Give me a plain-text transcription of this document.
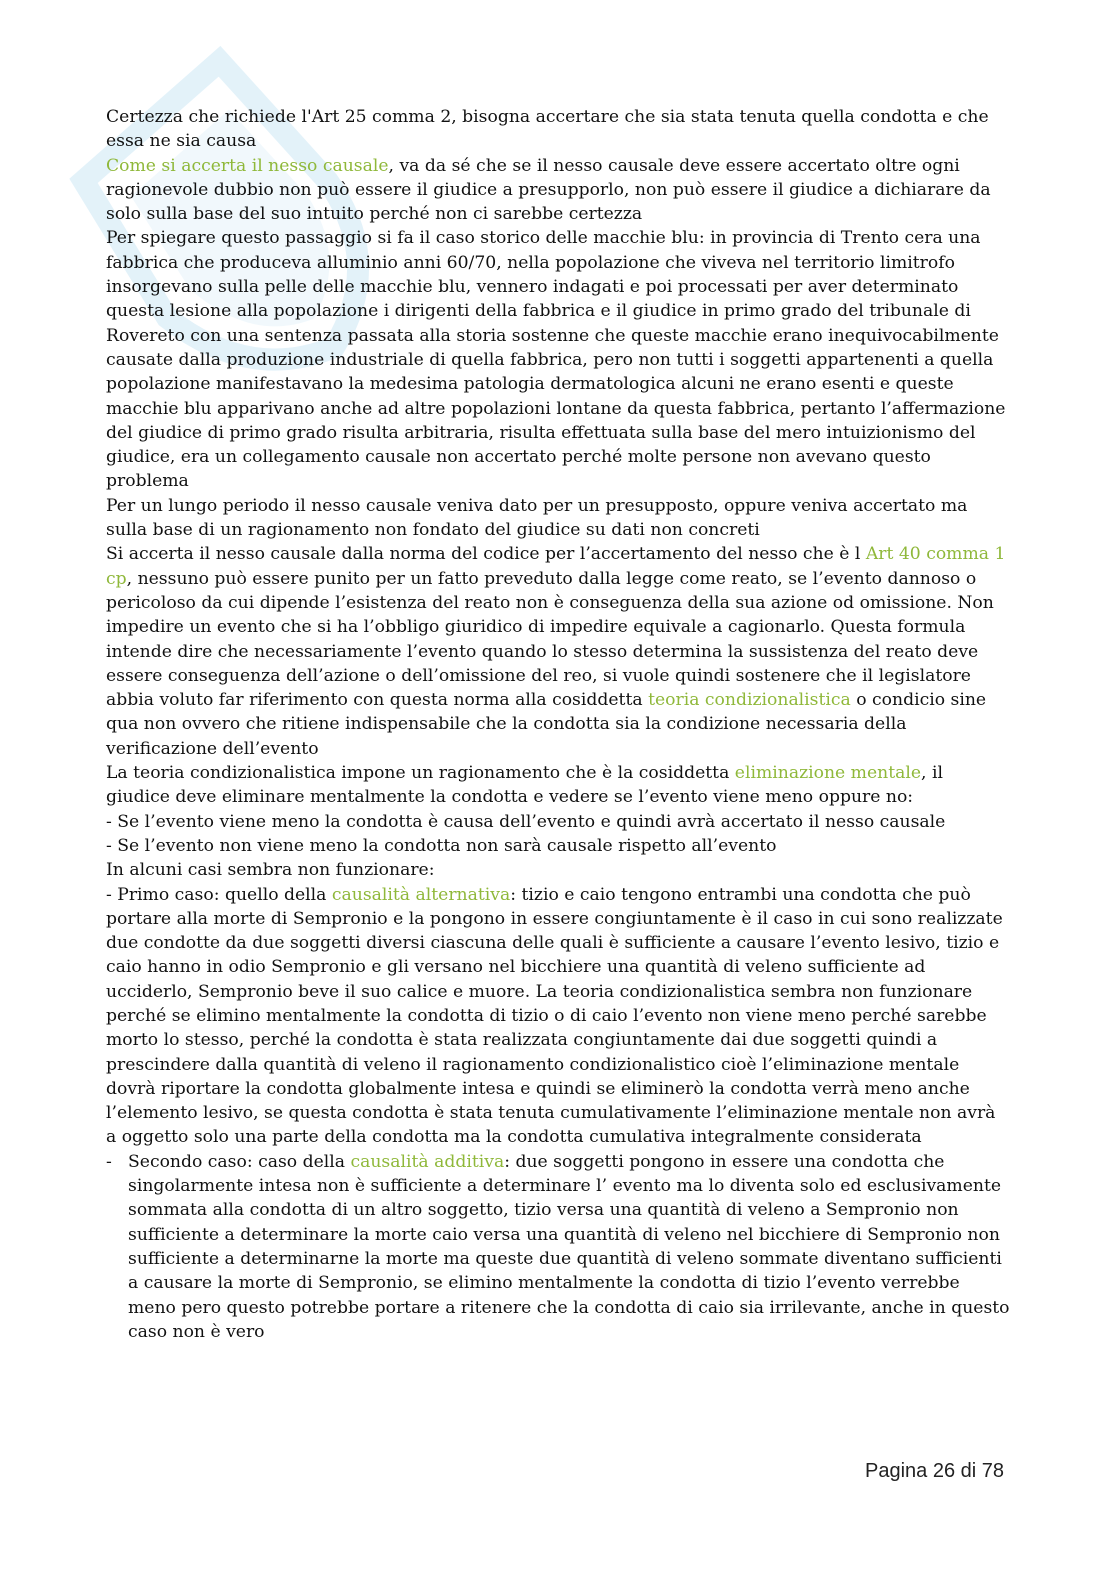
Certezza che richiede l'Art 25 comma 2, bisogna accertare che sia stata tenuta quella condotta e che essa ne sia causa

Come si accerta il nesso causale, va da sé che se il nesso causale deve essere accertato oltre ogni ragionevole dubbio non può essere il giudice a presupporlo, non può essere il giudice a dichiarare da solo sulla base del suo intuito perché non ci sarebbe certezza

Per spiegare questo passaggio si fa il caso storico delle macchie blu: in provincia di Trento cera una fabbrica che produceva alluminio anni 60/70, nella popolazione che viveva nel territorio limitrofo insorgevano sulla pelle delle macchie blu, vennero indagati e poi processati per aver determinato questa lesione alla popolazione i dirigenti della fabbrica e il giudice in primo grado del tribunale di Rovereto con una sentenza passata alla storia sostenne che queste macchie erano inequivocabilmente causate dalla produzione industriale di quella fabbrica, pero non tutti i soggetti appartenenti a quella popolazione manifestavano la medesima patologia dermatologica alcuni ne erano esenti e queste macchie blu apparivano anche ad altre popolazioni lontane da questa fabbrica, pertanto l’affermazione del giudice di primo grado risulta arbitraria, risulta effettuata sulla base del mero intuizionismo del giudice, era un collegamento causale non accertato perché molte persone non avevano questo problema

Per un lungo periodo il nesso causale veniva dato per un presupposto, oppure veniva accertato ma sulla base di un ragionamento non fondato del giudice su dati non concreti

Si accerta il nesso causale dalla norma del codice per l’accertamento del nesso che è l Art 40 comma 1 cp, nessuno può essere punito per un fatto preveduto dalla legge come reato, se l’evento dannoso o pericoloso da cui dipende l’esistenza del reato non è conseguenza della sua azione od omissione. Non impedire un evento che si ha l’obbligo giuridico di impedire equivale a cagionarlo. Questa formula intende dire che necessariamente l’evento quando lo stesso determina la sussistenza del reato deve essere conseguenza dell’azione o dell’omissione del reo, si vuole quindi sostenere che il legislatore abbia voluto far riferimento con questa norma alla cosiddetta teoria condizionalistica o condicio sine qua non ovvero che ritiene indispensabile che la condotta sia la condizione necessaria della verificazione dell’evento

La teoria condizionalistica impone un ragionamento che è la cosiddetta eliminazione mentale, il giudice deve eliminare mentalmente la condotta e vedere se l’evento viene meno oppure no:

- Se l’evento viene meno la condotta è causa dell’evento e quindi avrà accertato il nesso causale

- Se l’evento non viene meno la condotta non sarà causale rispetto all’evento

In alcuni casi sembra non funzionare:

- Primo caso: quello della causalità alternativa: tizio e caio tengono entrambi una condotta che può portare alla morte di Sempronio e la pongono in essere congiuntamente è il caso in cui sono realizzate due condotte da due soggetti diversi ciascuna delle quali è sufficiente a causare l’evento lesivo, tizio e caio hanno in odio Sempronio e gli versano nel bicchiere una quantità di veleno sufficiente ad ucciderlo, Sempronio beve il suo calice e muore. La teoria condizionalistica sembra non funzionare perché se elimino mentalmente la condotta di tizio o di caio l’evento non viene meno perché sarebbe morto lo stesso, perché la condotta è stata realizzata congiuntamente dai due soggetti quindi a prescindere dalla quantità di veleno il ragionamento condizionalistico cioè l’eliminazione mentale dovrà riportare la condotta globalmente intesa e quindi se eliminerò la condotta verrà meno anche l’elemento lesivo, se questa condotta è stata tenuta cumulativamente l’eliminazione mentale non avrà a oggetto solo una parte della condotta ma la condotta cumulativa integralmente considerata

- Secondo caso: caso della causalità additiva: due soggetti pongono in essere una condotta che singolarmente intesa non è sufficiente a determinare l’ evento ma lo diventa solo ed esclusivamente sommata alla condotta di un altro soggetto, tizio versa una quantità di veleno a Sempronio non sufficiente a determinare la morte caio versa una quantità di veleno nel bicchiere di Sempronio non sufficiente a determinarne la morte ma queste due quantità di veleno sommate diventano sufficienti a causare la morte di Sempronio, se elimino mentalmente la condotta di tizio l’evento verrebbe meno pero questo potrebbe portare a ritenere che la condotta di caio sia irrilevante, anche in questo caso non è vero
Pagina 26 di 78
